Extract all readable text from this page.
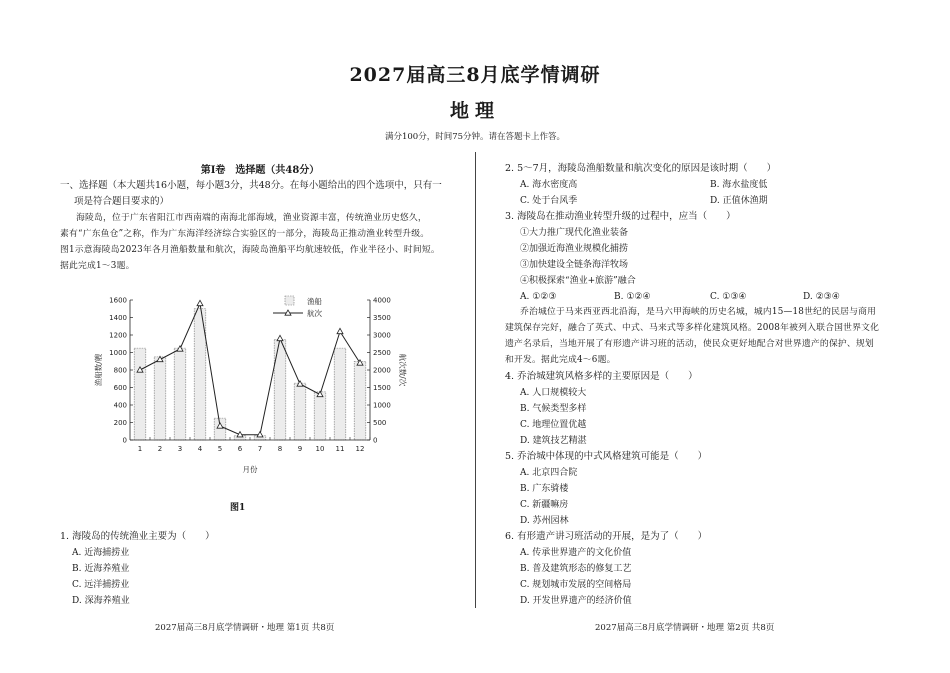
2027届高三8月底学情调研
地理
满分100分，时间75分钟。请在答题卡上作答。
第Ⅰ卷　选择题（共48分）
一、选择题（本大题共16小题，每小题3分，共48分。在每小题给出的四个选项中，只有一
项是符合题目要求的）
海陵岛，位于广东省阳江市西南端的南海北部海域，渔业资源丰富，传统渔业历史悠久，
素有“广东鱼仓”之称，作为广东海洋经济综合实验区的一部分，海陵岛正推动渔业转型升级。
图1示意海陵岛2023年各月渔船数量和航次，海陵岛渔船平均航速较低，作业半径小、时间短。
据此完成1～3题。
0
200
400
600
800
1000
1200
1400
1600
0
500
1000
1500
2000
2500
3000
3500
4000
1 2 3 4 5 6 7 8 9 10 11 12
月份
渔船数/艘	航次数/次
渔船
航次
图1
1. 海陵岛的传统渔业主要为（　　）
A. 近海捕捞业
B. 近海养殖业
C. 远洋捕捞业
D. 深海养殖业
2027届高三8月底学情调研・地理 第1页 共8页
2. 5～7月，海陵岛渔船数量和航次变化的原因是该时期（　　）
A. 海水密度高	B. 海水盐度低
C. 处于台风季	D. 正值休渔期
3. 海陵岛在推动渔业转型升级的过程中，应当（　　）
①大力推广现代化渔业装备
②加强近海渔业规模化捕捞
③加快建设全链条海洋牧场
④积极探索“渔业+旅游”融合
A. ①②③	B. ①②④	C. ①③④	D. ②③④
乔治城位于马来西亚西北沿海，是马六甲海峡的历史名城，城内15—18世纪的民居与商用
建筑保存完好，融合了英式、中式、马来式等多样化建筑风格。2008年被列入联合国世界文化
遗产名录后，当地开展了有形遗产讲习班的活动，使民众更好地配合对世界遗产的保护、规划
和开发。据此完成4～6题。
4. 乔治城建筑风格多样的主要原因是（　　）
A. 人口规模较大
B. 气候类型多样
C. 地理位置优越
D. 建筑技艺精湛
5. 乔治城中体现的中式风格建筑可能是（　　）
A. 北京四合院
B. 广东骑楼
C. 新疆嘛房
D. 苏州园林
6. 有形遗产讲习班活动的开展，是为了（　　）
A. 传承世界遗产的文化价值
B. 普及建筑形态的修复工艺
C. 规划城市发展的空间格局
D. 开发世界遗产的经济价值
2027届高三8月底学情调研・地理 第2页 共8页
